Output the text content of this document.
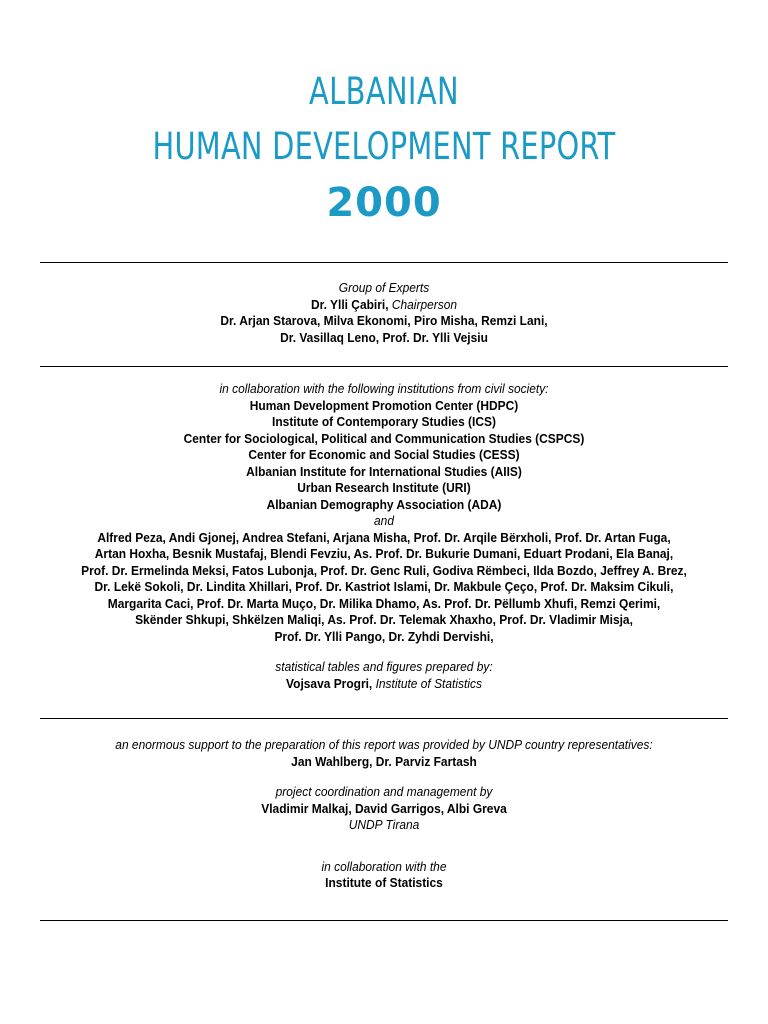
ALBANIAN
HUMAN DEVELOPMENT REPORT
2000
Group of Experts
Dr. Ylli Çabiri, Chairperson
Dr. Arjan Starova, Milva Ekonomi, Piro Misha, Remzi Lani,
Dr. Vasillaq Leno, Prof. Dr. Ylli Vejsiu
in collaboration with the following institutions from civil society:
Human Development Promotion Center (HDPC)
Institute of Contemporary Studies (ICS)
Center for Sociological, Political and Communication Studies (CSPCS)
Center for Economic and Social Studies (CESS)
Albanian Institute for International Studies (AIIS)
Urban Research Institute (URI)
Albanian Demography Association (ADA)
and
Alfred Peza, Andi Gjonej, Andrea Stefani, Arjana Misha, Prof. Dr. Arqile Bërxholi, Prof. Dr. Artan Fuga,
Artan Hoxha, Besnik Mustafaj, Blendi Fevziu, As. Prof. Dr. Bukurie Dumani, Eduart Prodani, Ela Banaj,
Prof. Dr. Ermelinda Meksi, Fatos Lubonja, Prof. Dr. Genc Ruli, Godiva Rëmbeci, Ilda Bozdo, Jeffrey A. Brez,
Dr. Lekë Sokoli, Dr. Lindita Xhillari, Prof. Dr. Kastriot Islami, Dr. Makbule Çeço, Prof. Dr. Maksim Cikuli,
Margarita Caci, Prof. Dr. Marta Muço, Dr. Milika Dhamo, As. Prof. Dr. Pëllumb Xhufi, Remzi Qerimi,
Skënder Shkupi, Shkëlzen Maliqi, As. Prof. Dr. Telemak Xhaxho, Prof. Dr. Vladimir Misja,
Prof. Dr. Ylli Pango, Dr. Zyhdi Dervishi,
statistical tables and figures prepared by:
Vojsava Progri, Institute of Statistics
an enormous support to the preparation of this report was provided by UNDP country representatives:
Jan Wahlberg, Dr. Parviz Fartash
project coordination and management by
Vladimir Malkaj, David Garrigos, Albi Greva
UNDP Tirana
in collaboration with the
Institute of Statistics
